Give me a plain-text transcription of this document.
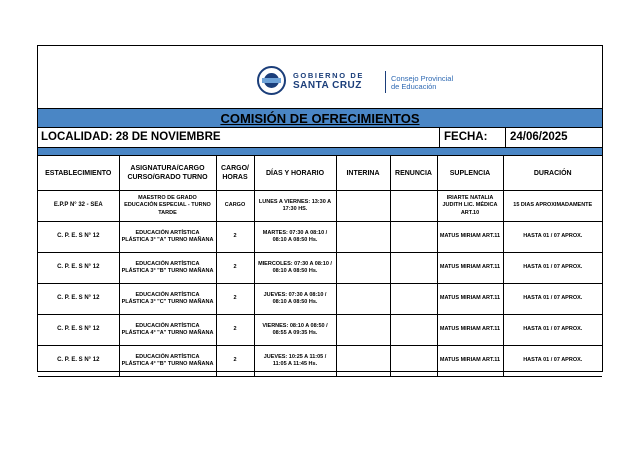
GOBIERNO DE
SANTA CRUZ
Consejo Provincial
de Educación
COMISIÓN DE OFRECIMIENTOS
LOCALIDAD: 28 DE NOVIEMBRE	FECHA:	24/06/2025
ESTABLECIMIENTO	ASIGNATURA/CARGO CURSO/GRADO TURNO	CARGO/ HORAS	DÍAS Y HORARIO	INTERINA	RENUNCIA	SUPLENCIA	DURACIÓN
E.P.P N° 32 - SEA	MAESTRO DE GRADO EDUCACIÓN ESPECIAL - TURNO TARDE	CARGO	LUNES A VIERNES: 13:30 A 17:30 HS.			IRIARTE NATALIA JUDITH LIC. MÉDICA ART.10	15 DIAS APROXIMADAMENTE
C. P. E. S N° 12	EDUCACIÓN ARTÍSTICA PLÁSTICA 3° "A" TURNO MAÑANA	2	MARTES: 07:30 A 08:10 / 08:10 A 08:50 Hs.			MATUS MIRIAM ART.11	HASTA 01 / 07 APROX.
C. P. E. S N° 12	EDUCACIÓN ARTÍSTICA PLÁSTICA 3° "B" TURNO MAÑANA	2	MIERCOLES: 07:30 A 08:10 / 08:10 A 08:50 Hs.			MATUS MIRIAM ART.11	HASTA 01 / 07 APROX.
C. P. E. S N° 12	EDUCACIÓN ARTÍSTICA PLÁSTICA 3° "C" TURNO MAÑANA	2	JUEVES: 07:30 A 08:10 / 08:10 A 08:50 Hs.			MATUS MIRIAM ART.11	HASTA 01 / 07 APROX.
C. P. E. S N° 12	EDUCACIÓN ARTÍSTICA PLÁSTICA 4° "A" TURNO MAÑANA	2	VIERNES: 08:10 A 08:50 / 08:55 A 09:35 Hs.			MATUS MIRIAM ART.11	HASTA 01 / 07 APROX.
C. P. E. S N° 12	EDUCACIÓN ARTÍSTICA PLÁSTICA 4° "B" TURNO MAÑANA	2	JUEVES: 10:25 A 11:05 / 11:05 A 11:45 Hs.			MATUS MIRIAM ART.11	HASTA 01 / 07 APROX.
